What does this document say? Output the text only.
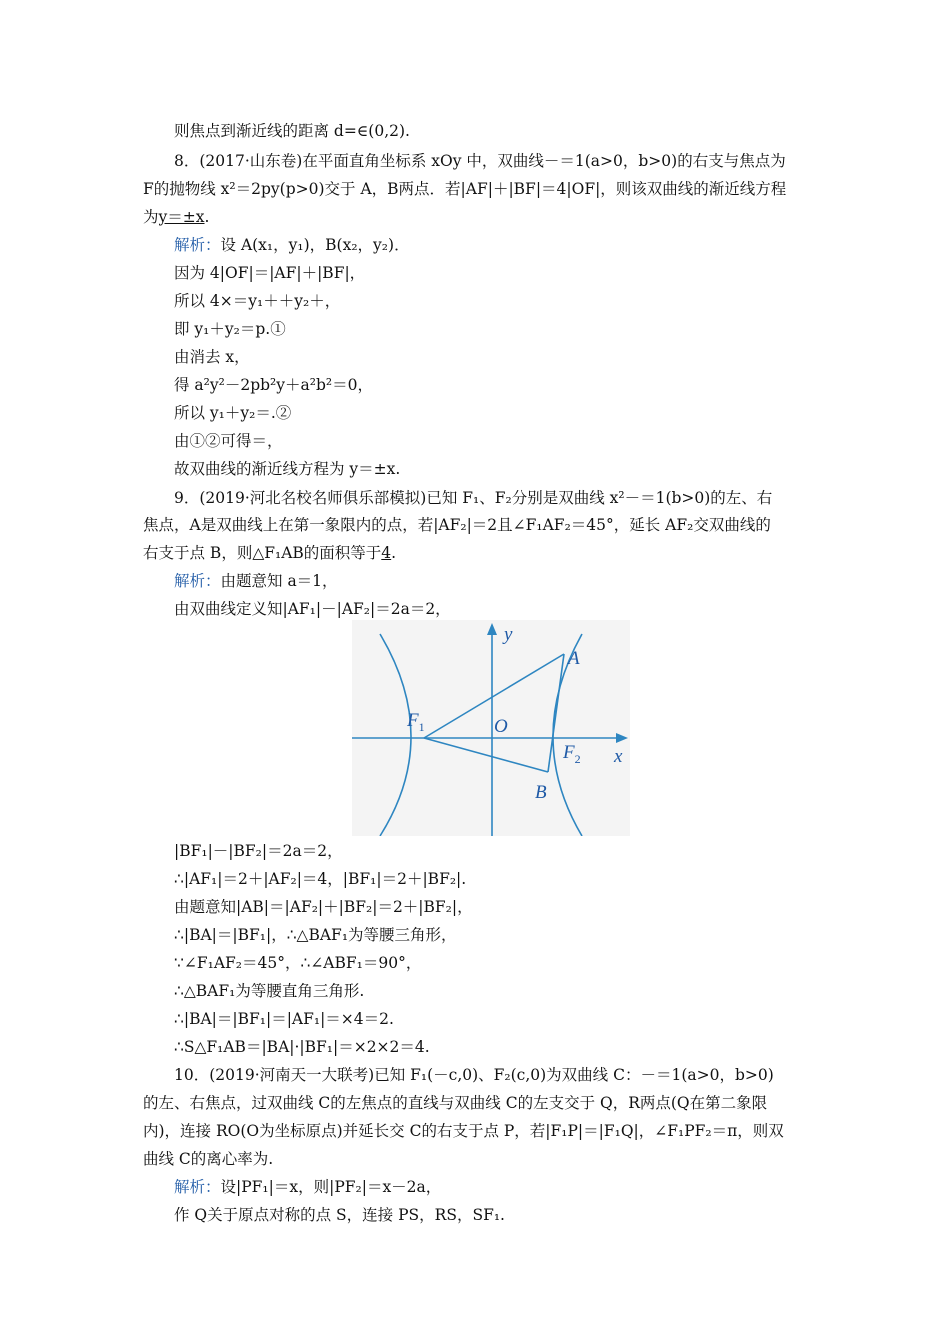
则焦点到渐近线的距离 d=∈(0,2).
8．(2017·山东卷)在平面直角坐标系 xOy 中，双曲线－＝1(a>0，b>0)的右支与焦点为
F的抛物线 x²＝2py(p>0)交于 A，B两点．若|AF|＋|BF|＝4|OF|，则该双曲线的渐近线方程
为y＝±x.
解析：设 A(x₁，y₁)，B(x₂，y₂)．
因为 4|OF|＝|AF|＋|BF|，
所以 4×＝y₁＋＋y₂＋，
即 y₁＋y₂＝p.①
由消去 x，
得 a²y²－2pb²y＋a²b²＝0，
所以 y₁＋y₂＝.②
由①②可得＝，
故双曲线的渐近线方程为 y＝±x.
9．(2019·河北名校名师俱乐部模拟)已知 F₁、F₂分别是双曲线 x²－＝1(b>0)的左、右
焦点，A是双曲线上在第一象限内的点，若|AF₂|＝2且∠F₁AF₂＝45°，延长 AF₂交双曲线的
右支于点 B，则△F₁AB的面积等于4.
解析：由题意知 a＝1，
由双曲线定义知|AF₁|－|AF₂|＝2a＝2，
y
x
A
B
O
$F_1$
$F_2$
|BF₁|－|BF₂|＝2a＝2，
∴|AF₁|＝2＋|AF₂|＝4，|BF₁|＝2＋|BF₂|.
由题意知|AB|＝|AF₂|＋|BF₂|＝2＋|BF₂|，
∴|BA|＝|BF₁|，∴△BAF₁为等腰三角形，
∵∠F₁AF₂＝45°，∴∠ABF₁＝90°，
∴△BAF₁为等腰直角三角形.
∴|BA|＝|BF₁|＝|AF₁|＝×4＝2.
∴S△F₁AB＝|BA|·|BF₁|＝×2×2＝4.
10．(2019·河南天一大联考)已知 F₁(－c,0)、F₂(c,0)为双曲线 C：－＝1(a>0，b>0)
的左、右焦点，过双曲线 C的左焦点的直线与双曲线 C的左支交于 Q，R两点(Q在第二象限
内)，连接 RO(O为坐标原点)并延长交 C的右支于点 P，若|F₁P|＝|F₁Q|，∠F₁PF₂＝π，则双
曲线 C的离心率为.
解析：设|PF₁|＝x，则|PF₂|＝x－2a，
作 Q关于原点对称的点 S，连接 PS，RS，SF₁.
